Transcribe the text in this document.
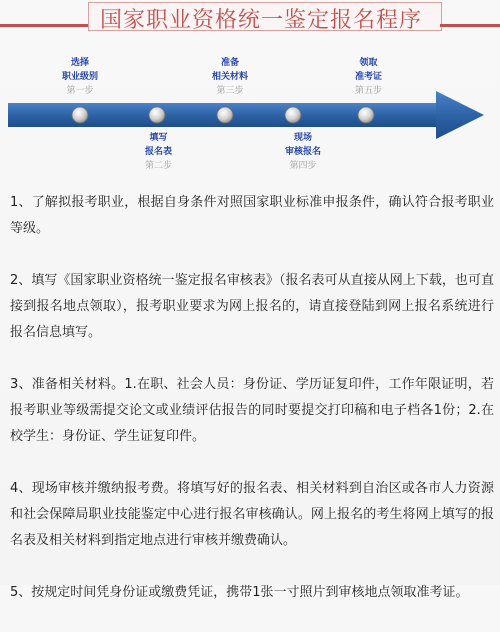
国家职业资格统一鉴定报名程序
选择
职业级别
第一步
准备
相关材料
第三步
领取
准考证
第五步
填写
报名表
第二步
现场
审核报名
第四步

1、了解拟报考职业，根据自身条件对照国家职业标准申报条件，确认符合报考职业等级。

2、填写《国家职业资格统一鉴定报名审核表》（报名表可从直接从网上下载，也可直接到报名地点领取），报考职业要求为网上报名的，请直接登陆到网上报名系统进行报名信息填写。

3、准备相关材料。1.在职、社会人员：身份证、学历证复印件，工作年限证明，若报考职业等级需提交论文或业绩评估报告的同时要提交打印稿和电子档各1份；2.在校学生：身份证、学生证复印件。

4、现场审核并缴纳报考费。将填写好的报名表、相关材料到自治区或各市人力资源和社会保障局职业技能鉴定中心进行报名审核确认。网上报名的考生将网上填写的报名表及相关材料到指定地点进行审核并缴费确认。

5、按规定时间凭身份证或缴费凭证，携带1张一寸照片到审核地点领取准考证。
